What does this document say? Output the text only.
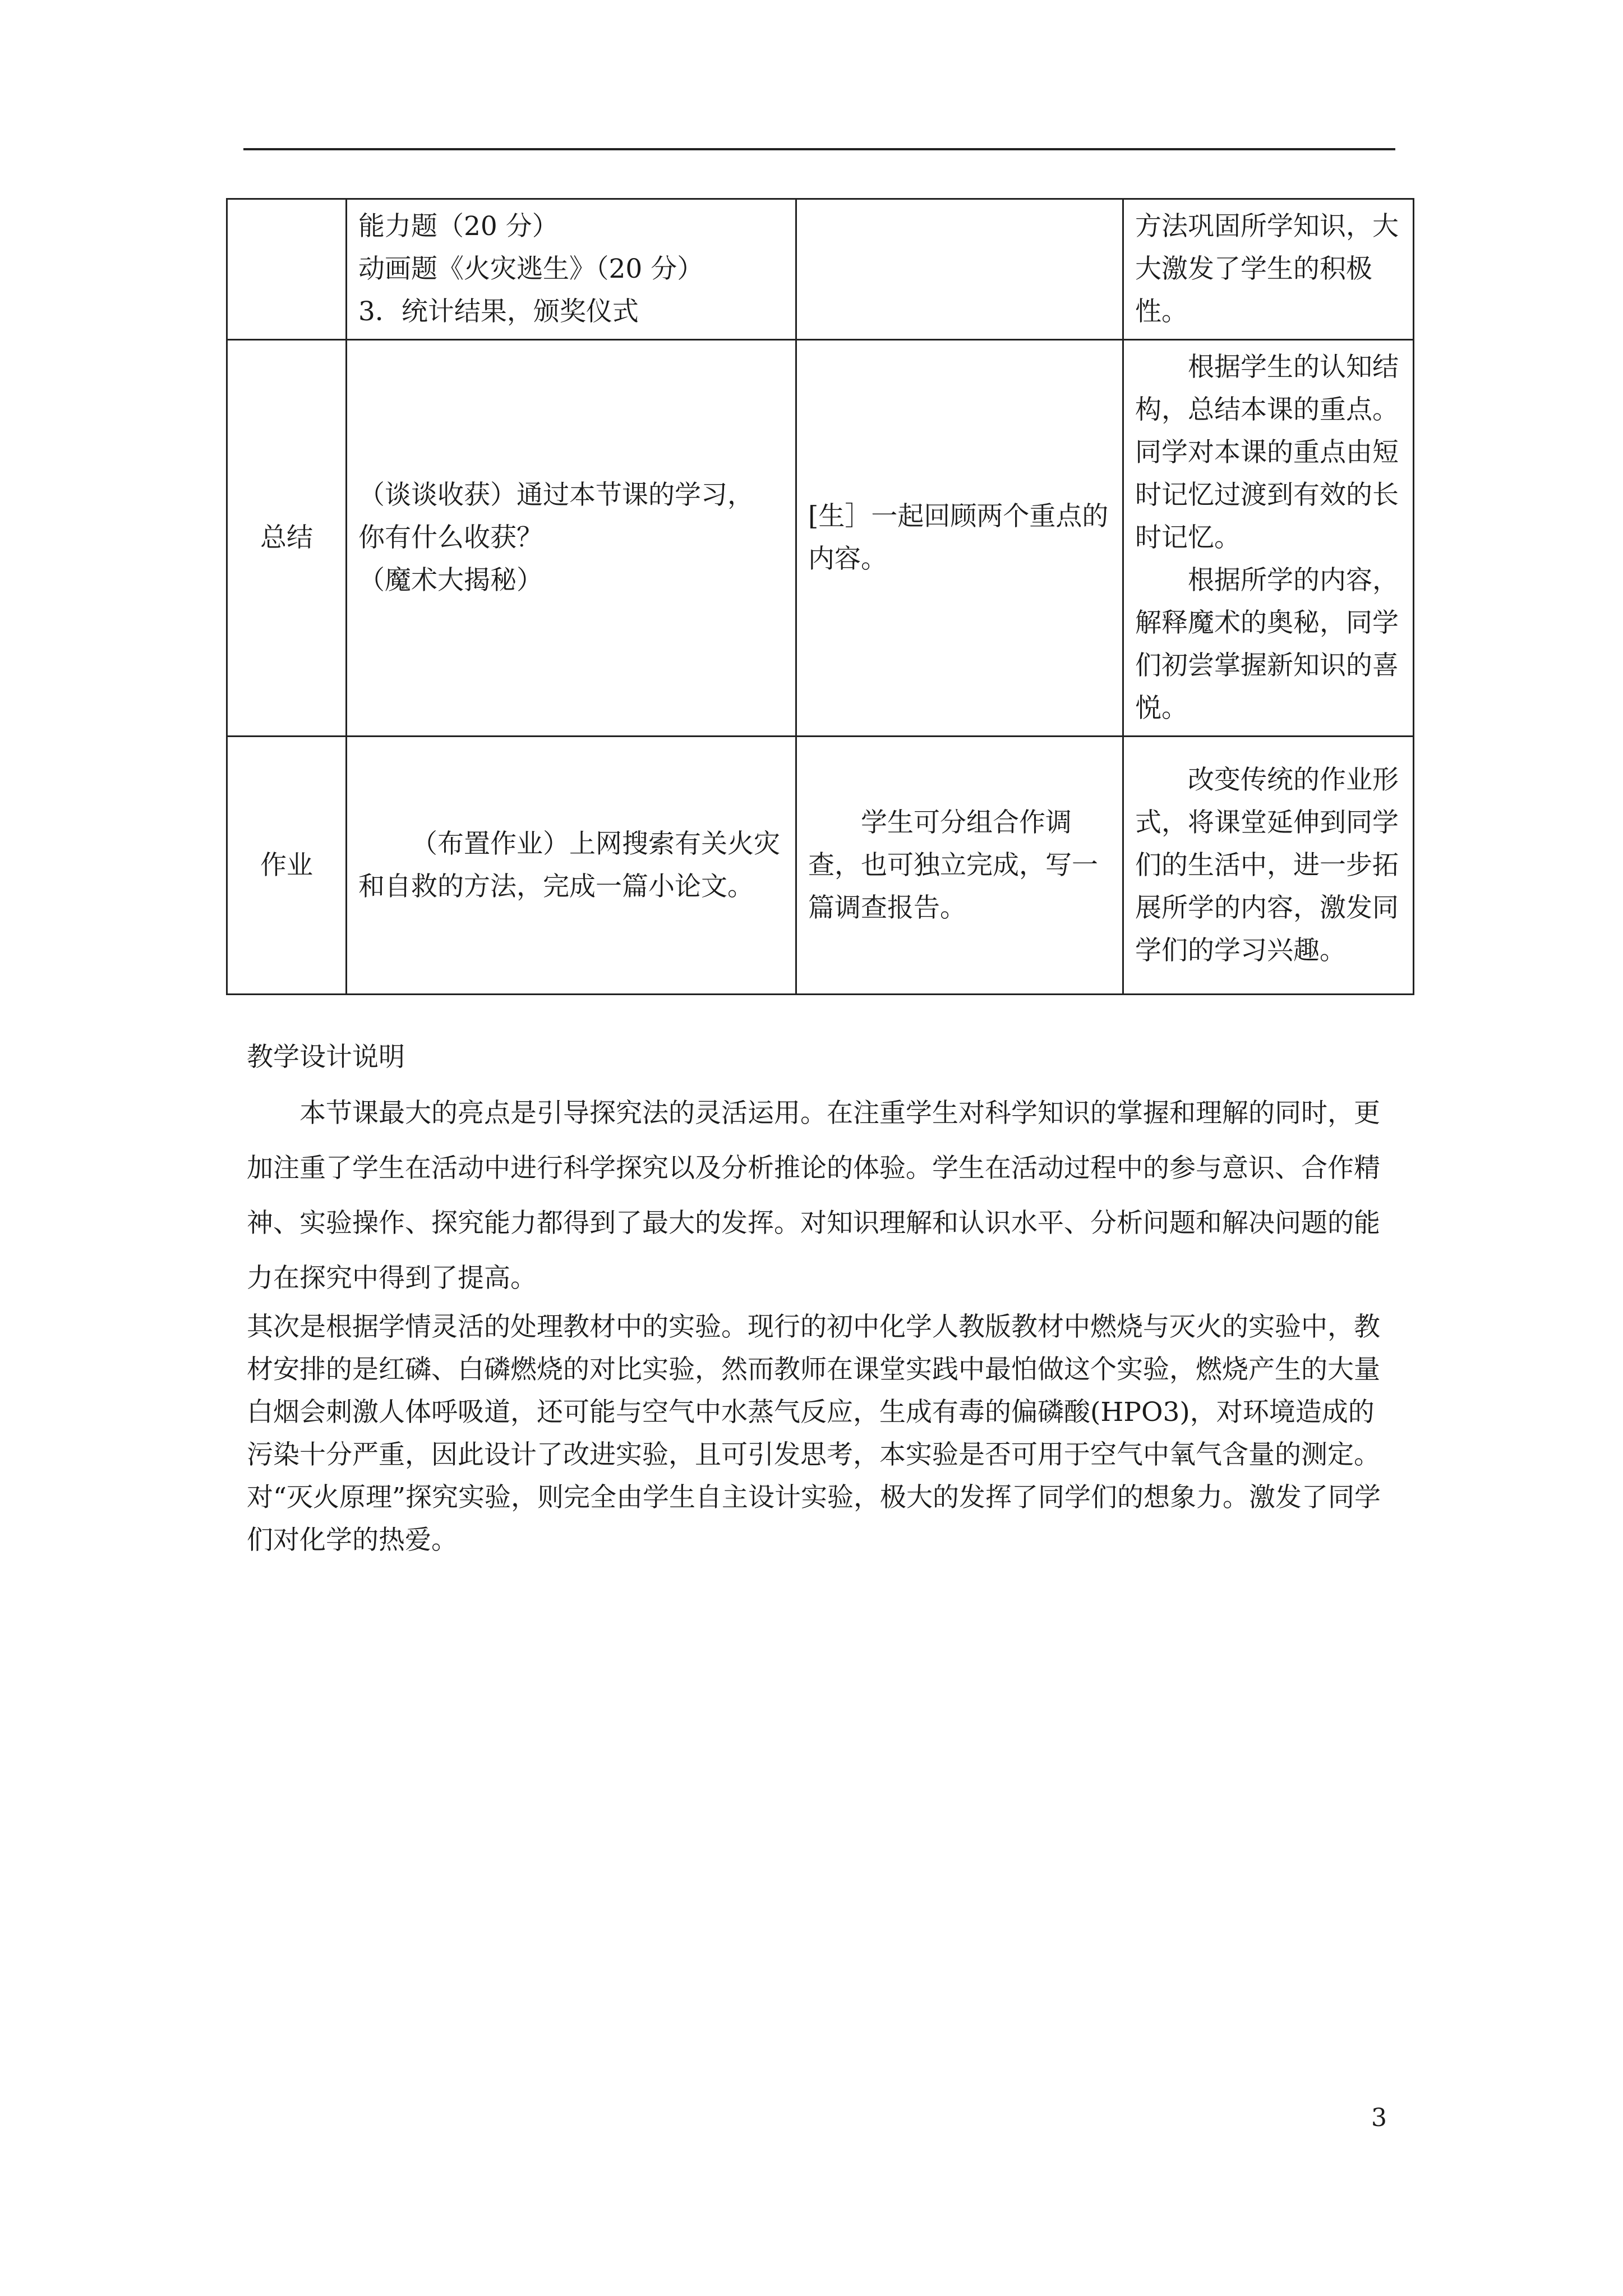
	能力题（20 分）
动画题《火灾逃生》（20 分）
3．统计结果，颁奖仪式		方法巩固所学知识，大大激发了学生的积极性。

总结	（谈谈收获）通过本节课的学习，
你有什么收获？
（魔术大揭秘）	[生］一起回顾两个重点的内容。	根据学生的认知结构，总结本课的重点。同学对本课的重点由短时记忆过渡到有效的长时记忆。
根据所学的内容，解释魔术的奥秘，同学们初尝掌握新知识的喜悦。

作业	（布置作业）上网搜索有关火灾和自救的方法，完成一篇小论文。	学生可分组合作调查，也可独立完成，写一篇调查报告。	改变传统的作业形式，将课堂延伸到同学们的生活中，进一步拓展所学的内容，激发同学们的学习兴趣。
教学设计说明

本节课最大的亮点是引导探究法的灵活运用。在注重学生对科学知识的掌握和理解的同时，更加注重了学生在活动中进行科学探究以及分析推论的体验。学生在活动过程中的参与意识、合作精神、实验操作、探究能力都得到了最大的发挥。对知识理解和认识水平、分析问题和解决问题的能力在探究中得到了提高。

其次是根据学情灵活的处理教材中的实验。现行的初中化学人教版教材中燃烧与灭火的实验中，教材安排的是红磷、白磷燃烧的对比实验，然而教师在课堂实践中最怕做这个实验，燃烧产生的大量白烟会刺激人体呼吸道，还可能与空气中水蒸气反应，生成有毒的偏磷酸(HPO3)，对环境造成的污染十分严重，因此设计了改进实验，且可引发思考，本实验是否可用于空气中氧气含量的测定。对“灭火原理”探究实验，则完全由学生自主设计实验，极大的发挥了同学们的想象力。激发了同学们对化学的热爱。

3
